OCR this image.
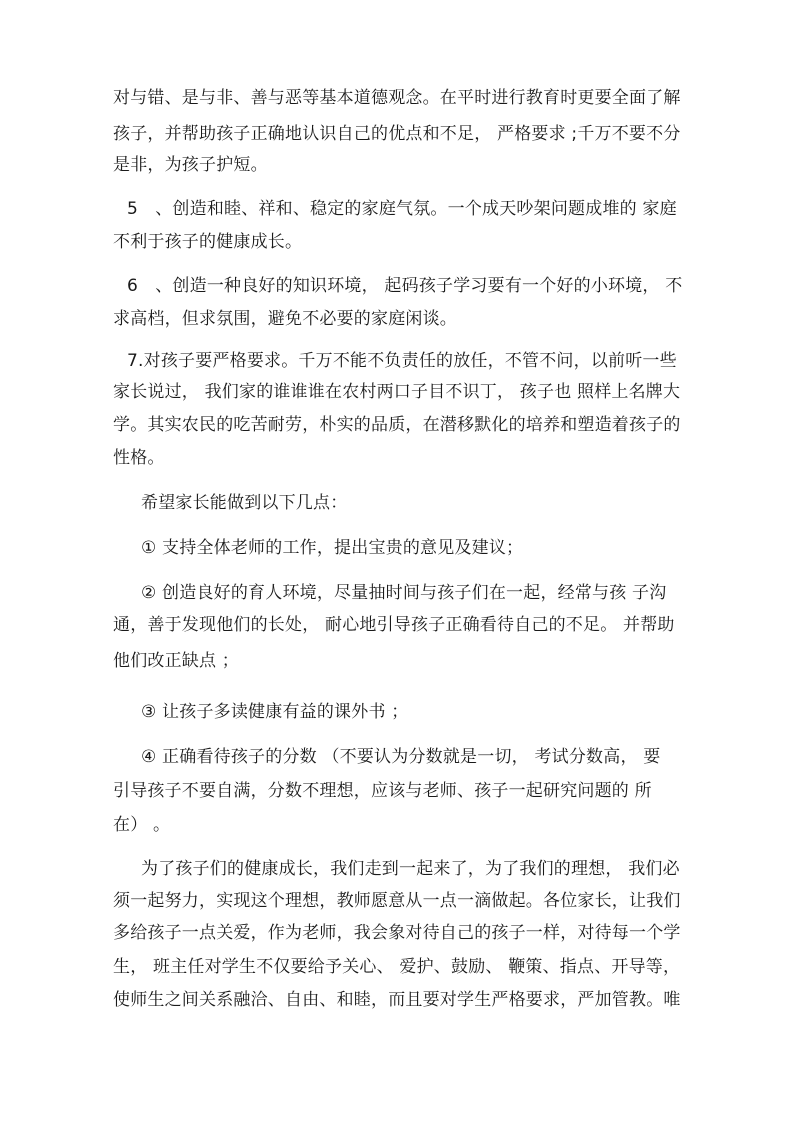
对与错、是与非、善与恶等基本道德观念。在平时进行教育时更要全面了解
孩子，并帮助孩子正确地认识自己的优点和不足， 严格要求 ;千万不要不分
是非，为孩子护短。
5　、创造和睦、祥和、稳定的家庭气氛。一个成天吵架问题成堆的 家庭
不利于孩子的健康成长。
6　、创造一种良好的知识环境， 起码孩子学习要有一个好的小环境， 不
求高档，但求氛围，避免不必要的家庭闲谈。
7.对孩子要严格要求。千万不能不负责任的放任，不管不问，以前听一些
家长说过， 我们家的谁谁谁在农村两口子目不识丁， 孩子也 照样上名牌大
学。其实农民的吃苦耐劳，朴实的品质，在潜移默化的培养和塑造着孩子的
性格。
希望家长能做到以下几点：
① 支持全体老师的工作，提出宝贵的意见及建议；
② 创造良好的育人环境，尽量抽时间与孩子们在一起，经常与孩 子沟
通，善于发现他们的长处， 耐心地引导孩子正确看待自己的不足。 并帮助
他们改正缺点 ；
③ 让孩子多读健康有益的课外书 ；
④ 正确看待孩子的分数 （不要认为分数就是一切， 考试分数高， 要
引导孩子不要自满，分数不理想，应该与老师、孩子一起研究问题的 所
在） 。
为了孩子们的健康成长，我们走到一起来了，为了我们的理想， 我们必
须一起努力，实现这个理想，教师愿意从一点一滴做起。各位家长，让我们
多给孩子一点关爱，作为老师，我会象对待自己的孩子一样，对待每一个学
生， 班主任对学生不仅要给予关心、 爱护、鼓励、 鞭策、指点、开导等，
使师生之间关系融洽、自由、和睦，而且要对学生严格要求，严加管教。唯
